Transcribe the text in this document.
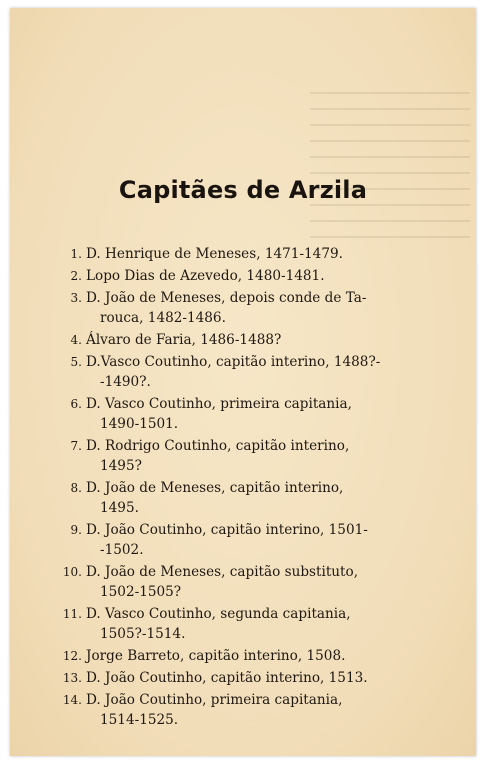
Capitães de Arzila
1. D. Henrique de Meneses, 1471-1479.
2. Lopo Dias de Azevedo, 1480-1481.
3. D. João de Meneses, depois conde de Ta-
rouca, 1482-1486.
4. Álvaro de Faria, 1486-1488?
5. D.Vasco Coutinho, capitão interino, 1488?-
-1490?.
6. D. Vasco Coutinho, primeira capitania,
1490-1501.
7. D. Rodrigo Coutinho, capitão interino,
1495?
8. D. João de Meneses, capitão interino,
1495.
9. D. João Coutinho, capitão interino, 1501-
-1502.
10. D. João de Meneses, capitão substituto,
1502-1505?
11. D. Vasco Coutinho, segunda capitania,
1505?-1514.
12. Jorge Barreto, capitão interino, 1508.
13. D. João Coutinho, capitão interino, 1513.
14. D. João Coutinho, primeira capitania,
1514-1525.
